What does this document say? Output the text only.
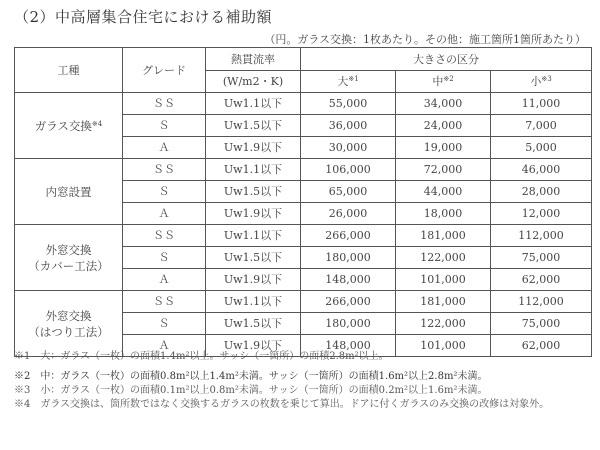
（2）中高層集合住宅における補助額
（円。ガラス交換：1枚あたり。その他：施工箇所1箇所あたり）
工種	グレード	熱貫流率	大きさの区分		
		(W/m2・K)	大$^{※1}$	中$^{※2}$	小$^{※3}$
ガラス交換$^{※4}$	ＳＳ	Uw1.1以下	55,000	34,000	11,000
	Ｓ	Uw1.5以下	36,000	24,000	7,000
	Ａ	Uw1.9以下	30,000	19,000	5,000
内窓設置	ＳＳ	Uw1.1以下	106,000	72,000	46,000
	Ｓ	Uw1.5以下	65,000	44,000	28,000
	Ａ	Uw1.9以下	26,000	18,000	12,000

外窓交換
（カバー工法）	ＳＳ	Uw1.1以下	266,000	181,000	112,000
	Ｓ	Uw1.5以下	180,000	122,000	75,000
	Ａ	Uw1.9以下	148,000	101,000	62,000

外窓交換
（はつり工法）	ＳＳ	Uw1.1以下	266,000	181,000	112,000
	Ｓ	Uw1.5以下	180,000	122,000	75,000
	Ａ	Uw1.9以下	148,000	101,000	62,000
※1　大：ガラス（一枚）の面積1.4m²以上。サッシ（一箇所）の面積2.8m²以上。
※2　中：ガラス（一枚）の面積0.8m²以上1.4m²未満。サッシ（一箇所）の面積1.6m²以上2.8m²未満。
※3　小：ガラス（一枚）の面積0.1m²以上0.8m²未満。サッシ（一箇所）の面積0.2m²以上1.6m²未満。
※4　ガラス交換は、箇所数ではなく交換するガラスの枚数を乗じて算出。ドアに付くガラスのみ交換の改修は対象外。
